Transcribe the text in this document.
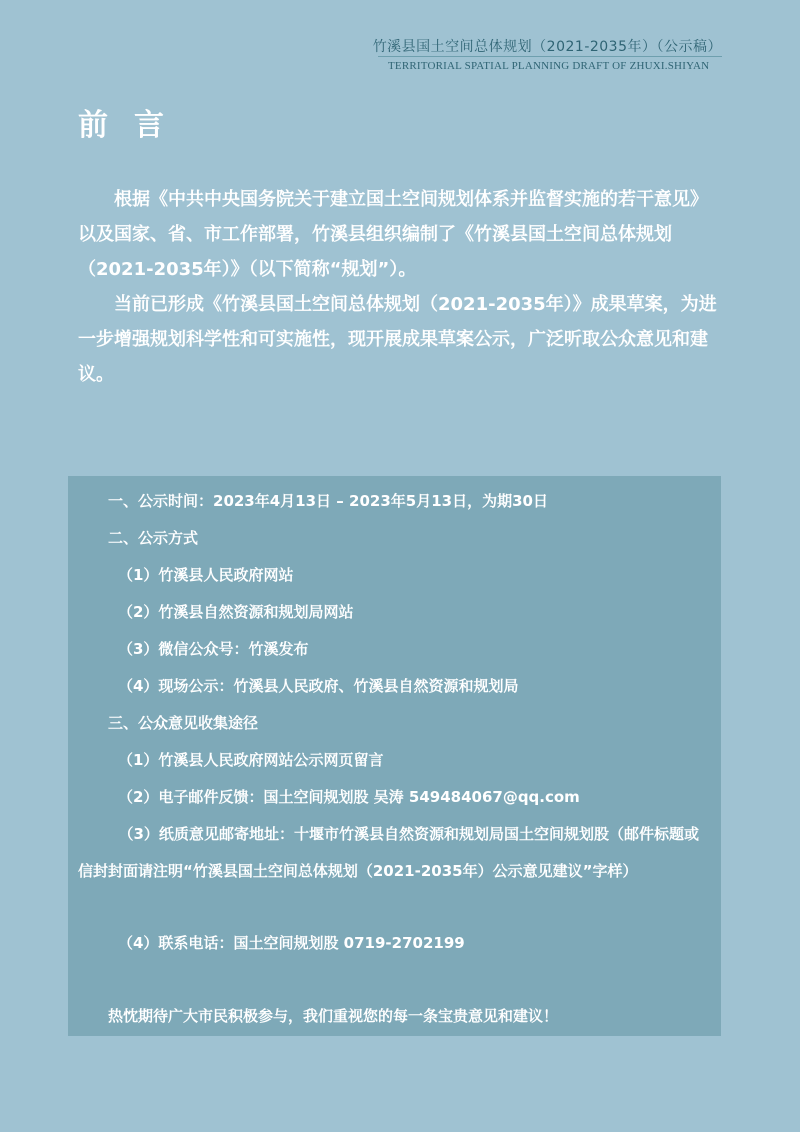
竹溪县国土空间总体规划（2021-2035年）（公示稿）
TERRITORIAL SPATIAL PLANNING DRAFT OF ZHUXI.SHIYAN
前言

根据《中共中央国务院关于建立国土空间规划体系并监督实施的若干意见》以及国家、省、市工作部署，竹溪县组织编制了《竹溪县国土空间总体规划（2021-2035年）》（以下简称“规划”）。

当前已形成《竹溪县国土空间总体规划（2021-2035年）》成果草案，为进一步增强规划科学性和可实施性，现开展成果草案公示，广泛听取公众意见和建议。

一、公示时间：2023年4月13日 – 2023年5月13日，为期30日
二、公示方式
（1）竹溪县人民政府网站
（2）竹溪县自然资源和规划局网站
（3）微信公众号：竹溪发布
（4）现场公示：竹溪县人民政府、竹溪县自然资源和规划局
三、公众意见收集途径
（1）竹溪县人民政府网站公示网页留言
（2）电子邮件反馈：国土空间规划股 吴涛 549484067@qq.com
（3）纸质意见邮寄地址：十堰市竹溪县自然资源和规划局国土空间规划股（邮件标题或信封封面请注明“竹溪县国土空间总体规划（2021-2035年）公示意见建议”字样）
（4）联系电话：国土空间规划股 0719-2702199
热忱期待广大市民积极参与，我们重视您的每一条宝贵意见和建议！
